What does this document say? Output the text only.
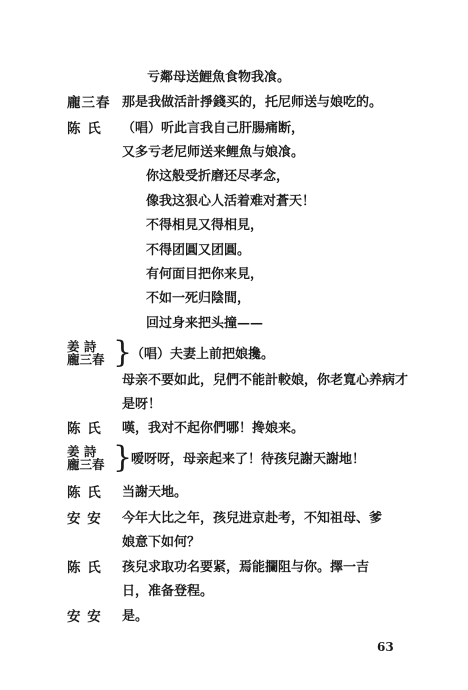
亏鄰母送鯉魚食物我飡。
龐三春 那是我做活計掙錢买的，托尼师送与娘吃的。
陈 氏 （唱）听此言我自己肝腸痛断，
又多亏老尼师送来鲤魚与娘飡。
你这般受折磨还尽孝念，
像我这狠心人活着难对蒼天！
不得相見又得相見，
不得团圓又团圓。
有何面目把你来見，
不如一死归陰間，
回过身来把头撞——
姜 詩
龐三春 }
（唱）夫妻上前把娘攙。
母亲不要如此，兒們不能計較娘，你老寬心养病才
是呀！
陈 氏 嘆，我对不起你們哪！搀娘来。
姜 詩
龐三春 }
嗳呀呀，母亲起来了！待孩兒謝天謝地！
陈 氏 当謝天地。
安 安 今年大比之年，孩兒进京赴考，不知祖母、爹
娘意下如何？
陈 氏 孩兒求取功名要紧，焉能攔阻与你。擇一吉
日，准备登程。
安 安 是。
63
